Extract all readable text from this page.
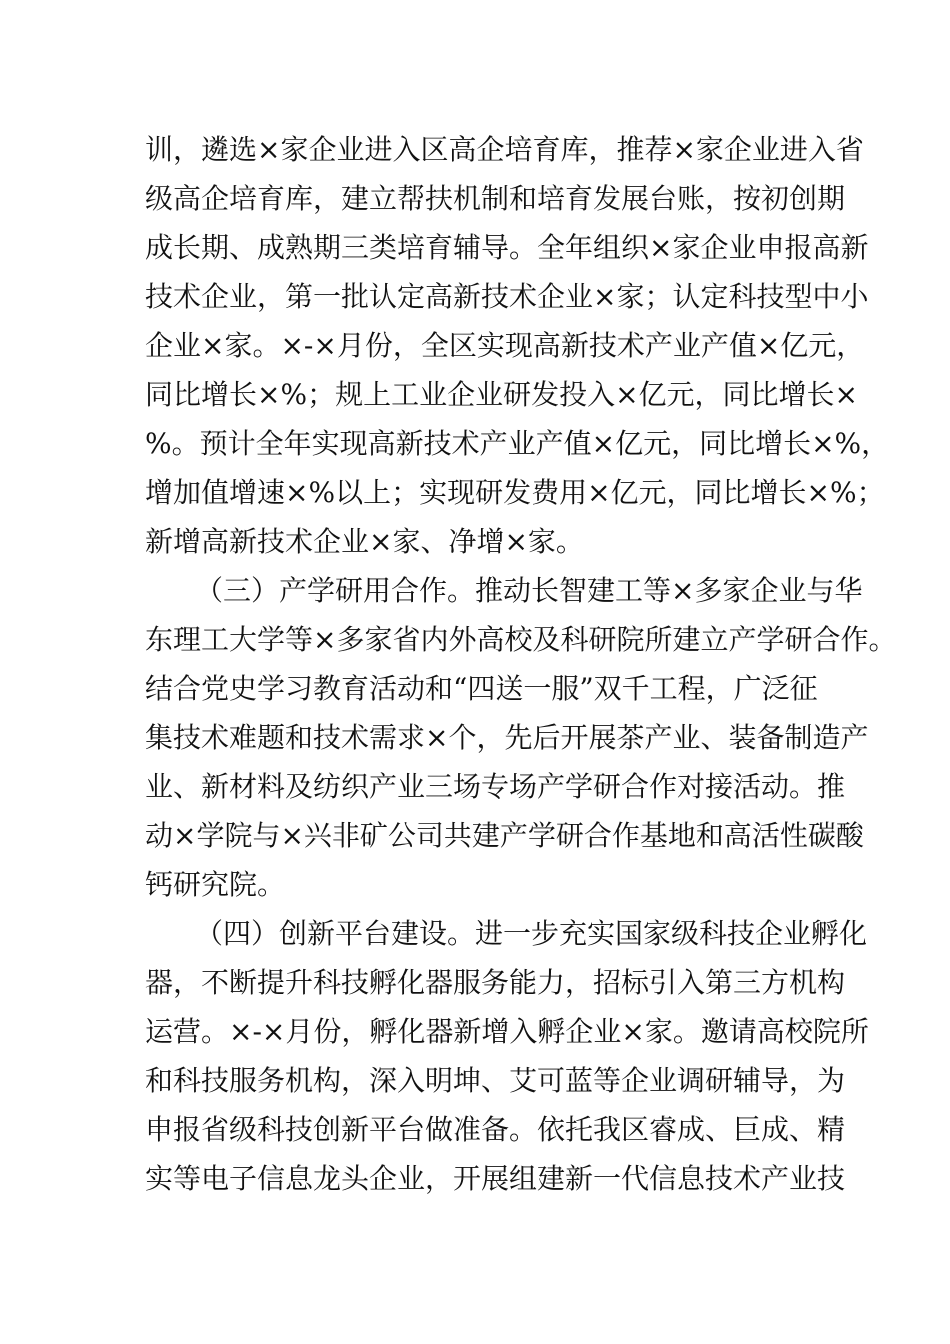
训，遴选×家企业进入区高企培育库，推荐×家企业进入省
级高企培育库，建立帮扶机制和培育发展台账，按初创期
成长期、成熟期三类培育辅导。全年组织×家企业申报高新
技术企业，第一批认定高新技术企业×家；认定科技型中小
企业×家。×-×月份，全区实现高新技术产业产值×亿元，
同比增长×%；规上工业企业研发投入×亿元，同比增长×
%。预计全年实现高新技术产业产值×亿元，同比增长×%，
增加值增速×%以上；实现研发费用×亿元，同比增长×%；
新增高新技术企业×家、净增×家。
（三）产学研用合作。推动长智建工等×多家企业与华
东理工大学等×多家省内外高校及科研院所建立产学研合作。
结合党史学习教育活动和“四送一服”双千工程，广泛征
集技术难题和技术需求×个，先后开展茶产业、装备制造产
业、新材料及纺织产业三场专场产学研合作对接活动。推
动×学院与×兴非矿公司共建产学研合作基地和高活性碳酸
钙研究院。
（四）创新平台建设。进一步充实国家级科技企业孵化
器，不断提升科技孵化器服务能力，招标引入第三方机构
运营。×-×月份，孵化器新增入孵企业×家。邀请高校院所
和科技服务机构，深入明坤、艾可蓝等企业调研辅导，为
申报省级科技创新平台做准备。依托我区睿成、巨成、精
实等电子信息龙头企业，开展组建新一代信息技术产业技
